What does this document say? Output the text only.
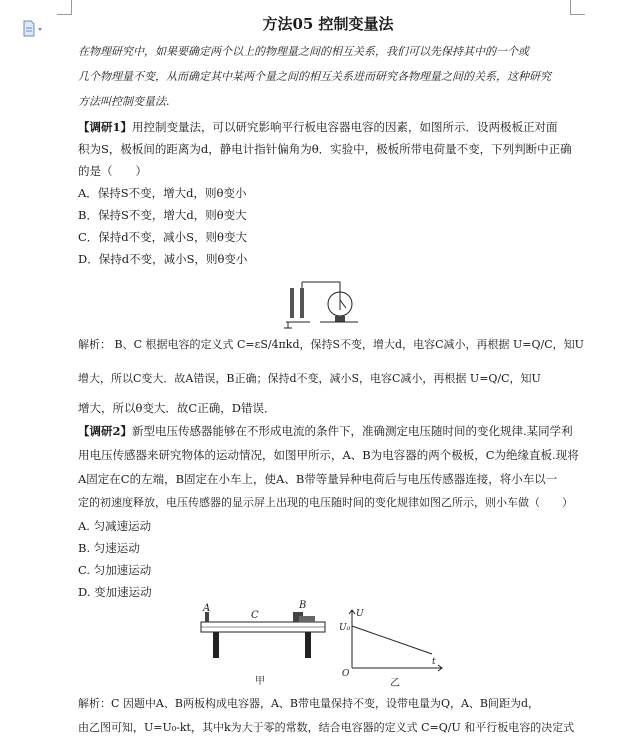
方法05 控制变量法
在物理研究中，如果要确定两个以上的物理量之间的相互关系，我们可以先保持其中的一个或
几个物理量不变，从而确定其中某两个量之间的相互关系进而研究各物理量之间的关系，这种研究
方法叫控制变量法.
【调研1】用控制变量法，可以研究影响平行板电容器电容的因素，如图所示．设两极板正对面
积为S，极板间的距离为d，静电计指针偏角为θ．实验中，极板所带电荷量不变，下列判断中正确
的是（　　）
A．保持S不变，增大d，则θ变小
B．保持S不变，增大d，则θ变大
C．保持d不变，减小S，则θ变大
D．保持d不变，减小S，则θ变小
解析： B、C 根据电容的定义式 C=εS/4πkd，保持S不变，增大d，电容C减小，再根据 U=Q/C，知U
增大，所以C变大．故A错误，B正确；保持d不变，减小S，电容C减小，再根据 U=Q/C，知U
增大，所以θ变大．故C正确，D错误．
【调研2】新型电压传感器能够在不形成电流的条件下，准确测定电压随时间的变化规律.某同学利
用电压传感器来研究物体的运动情况，如图甲所示，A、B为电容器的两个极板，C为绝缘直板.现将
A固定在C的左端，B固定在小车上，使A、B带等量异种电荷后与电压传感器连接，将小车以一
定的初速度释放，电压传感器的显示屏上出现的电压随时间的变化规律如图乙所示，则小车做（　　）
A. 匀减速运动
B. 匀速运动
C. 匀加速运动
D. 变加速运动
A	B
C
甲
U
U₀
O
t
乙
解析：C 因题中A、B两板构成电容器，A、B带电量保持不变，设带电量为Q，A、B间距为d，
由乙图可知，U=U₀-kt，其中k为大于零的常数，结合电容器的定义式 C=Q/U 和平行板电容的决定式
